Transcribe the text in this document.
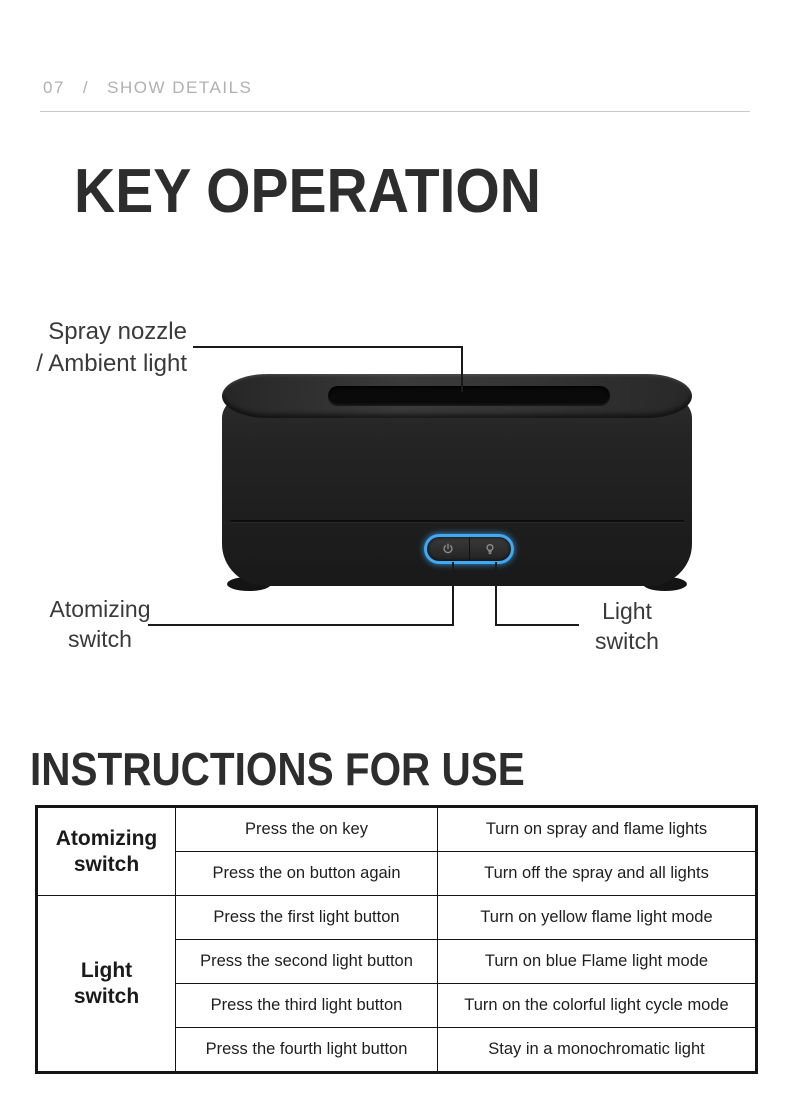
07 / SHOW DETAILS
KEY OPERATION
Spray nozzle
/ Ambient light
Atomizing
switch
Light
switch
INSTRUCTIONS FOR USE
Atomizing
switch	Press the on key	Turn on spray and flame lights
	Press the on button again	Turn off the spray and all lights

Light
switch	Press the first light button	Turn on yellow flame light mode
	Press the second light button	Turn on blue Flame light mode
	Press the third light button	Turn on the colorful light cycle mode
	Press the fourth light button	Stay in a monochromatic light
